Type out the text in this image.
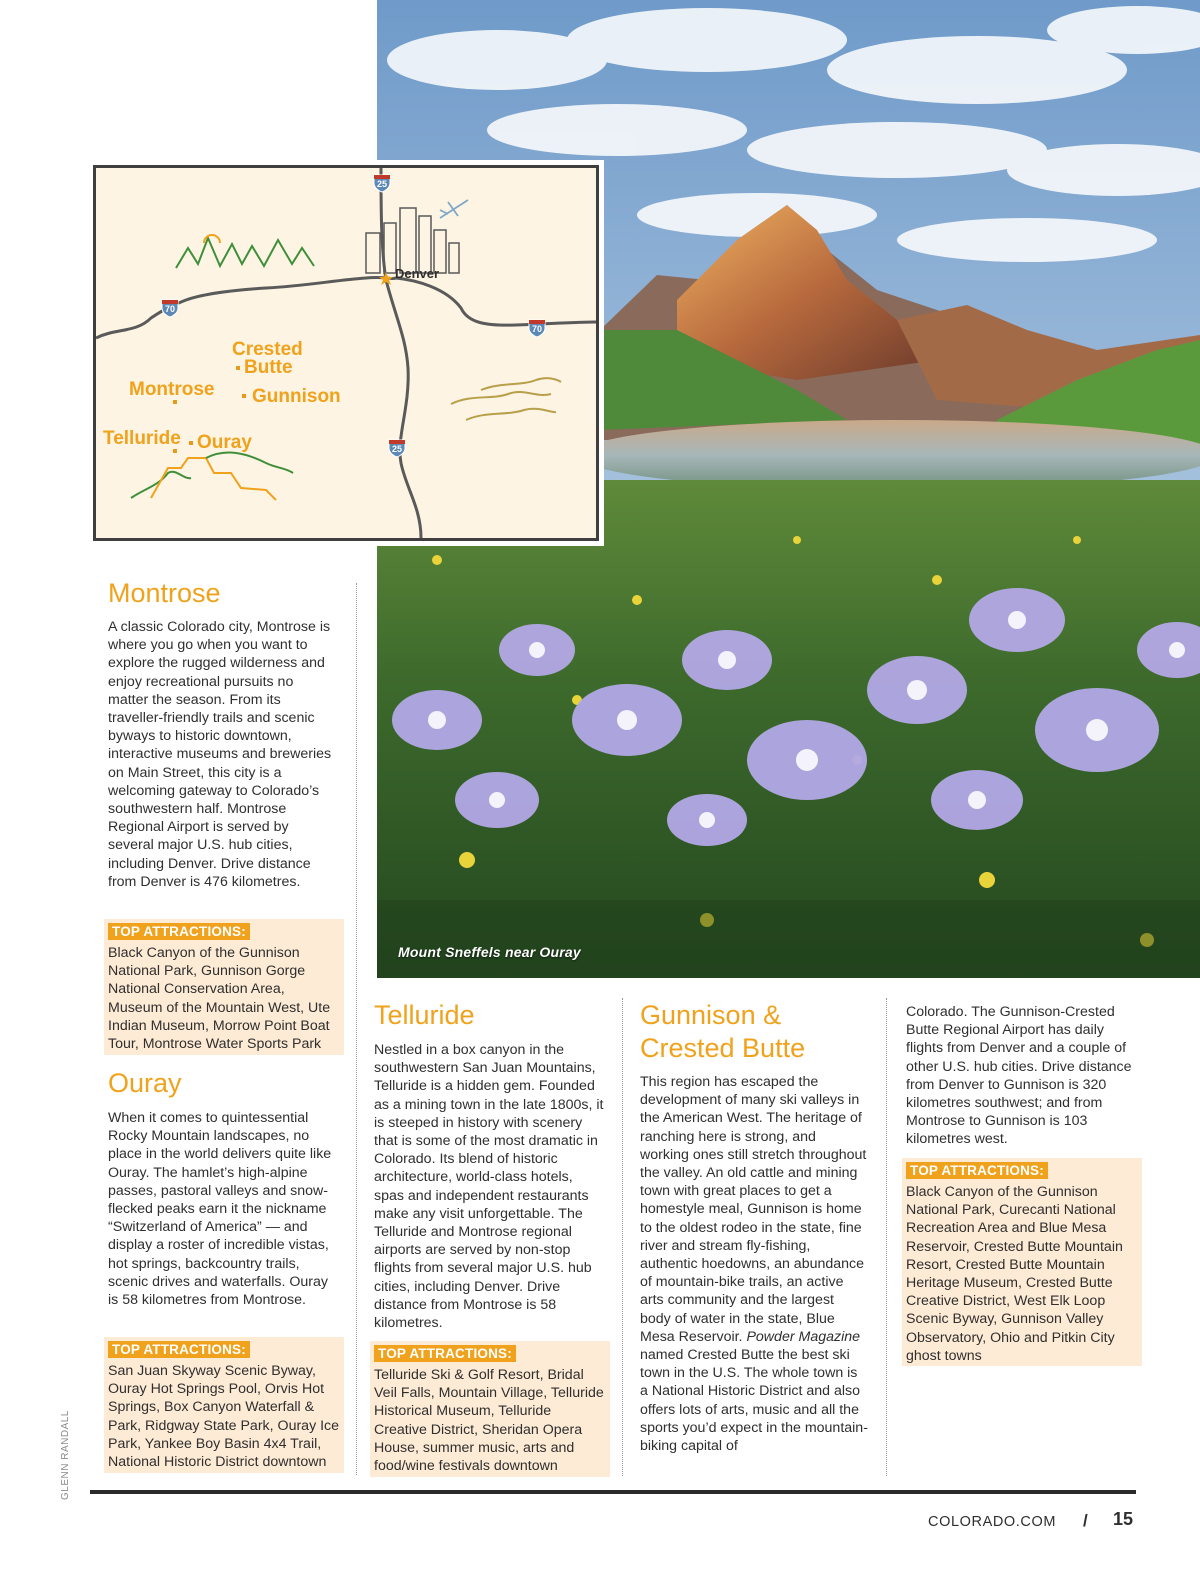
Mount Sneffels near Ouray
25
25
70
70
Denver
Crested
Butte
Montrose Gunnison
Telluride Ouray
Montrose

A classic Colorado city, Montrose is where you go when you want to explore the rugged wilderness and enjoy recreational pursuits no matter the season. From its traveller-friendly trails and scenic byways to historic downtown, interactive museums and breweries on Main Street, this city is a welcoming gateway to Colorado’s southwestern half. Montrose Regional Airport is served by several major U.S. hub cities, including Denver. Drive distance from Denver is 476 kilometres.

TOP ATTRACTIONS:
Black Canyon of the Gunnison National Park, Gunnison Gorge National Conservation Area, Museum of the Mountain West, Ute Indian Museum, Morrow Point Boat Tour, Montrose Water Sports Park
Ouray

When it comes to quintessential Rocky Mountain landscapes, no place in the world delivers quite like Ouray. The hamlet’s high-alpine passes, pastoral valleys and snow-flecked peaks earn it the nickname “Switzerland of America” — and display a roster of incredible vistas, hot springs, backcountry trails, scenic drives and waterfalls. Ouray is 58 kilometres from Montrose.

TOP ATTRACTIONS:
San Juan Skyway Scenic Byway, Ouray Hot Springs Pool, Orvis Hot Springs, Box Canyon Waterfall & Park, Ridgway State Park, Ouray Ice Park, Yankee Boy Basin 4x4 Trail, National Historic District downtown
Telluride

Nestled in a box canyon in the southwestern San Juan Mountains, Telluride is a hidden gem. Founded as a mining town in the late 1800s, it is steeped in history with scenery that is some of the most dramatic in Colorado. Its blend of historic architecture, world-class hotels, spas and independent restaurants make any visit unforgettable. The Telluride and Montrose regional airports are served by non-stop flights from several major U.S. hub cities, including Denver. Drive distance from Montrose is 58 kilometres.

TOP ATTRACTIONS:
Telluride Ski & Golf Resort, Bridal Veil Falls, Mountain Village, Telluride Historical Museum, Telluride Creative District, Sheridan Opera House, summer music, arts and food/wine festivals downtown
Gunnison &
Crested Butte

This region has escaped the development of many ski valleys in the American West. The heritage of ranching here is strong, and working ones still stretch throughout the valley. An old cattle and mining town with great places to get a homestyle meal, Gunnison is home to the oldest rodeo in the state, fine river and stream fly-fishing, authentic hoedowns, an abundance of mountain-bike trails, an active arts community and the largest body of water in the state, Blue Mesa Reservoir. Powder Magazine named Crested Butte the best ski town in the U.S. The whole town is a National Historic District and also offers lots of arts, music and all the sports you’d expect in the mountain-biking capital of

Colorado. The Gunnison-Crested Butte Regional Airport has daily flights from Denver and a couple of other U.S. hub cities. Drive distance from Denver to Gunnison is 320 kilometres southwest; and from Montrose to Gunnison is 103 kilometres west.

TOP ATTRACTIONS:
Black Canyon of the Gunnison National Park, Curecanti National Recreation Area and Blue Mesa Reservoir, Crested Butte Mountain Resort, Crested Butte Mountain Heritage Museum, Crested Butte Creative District, West Elk Loop Scenic Byway, Gunnison Valley Observatory, Ohio and Pitkin City ghost towns
GLENN RANDALL
COLORADO.COM / 15
